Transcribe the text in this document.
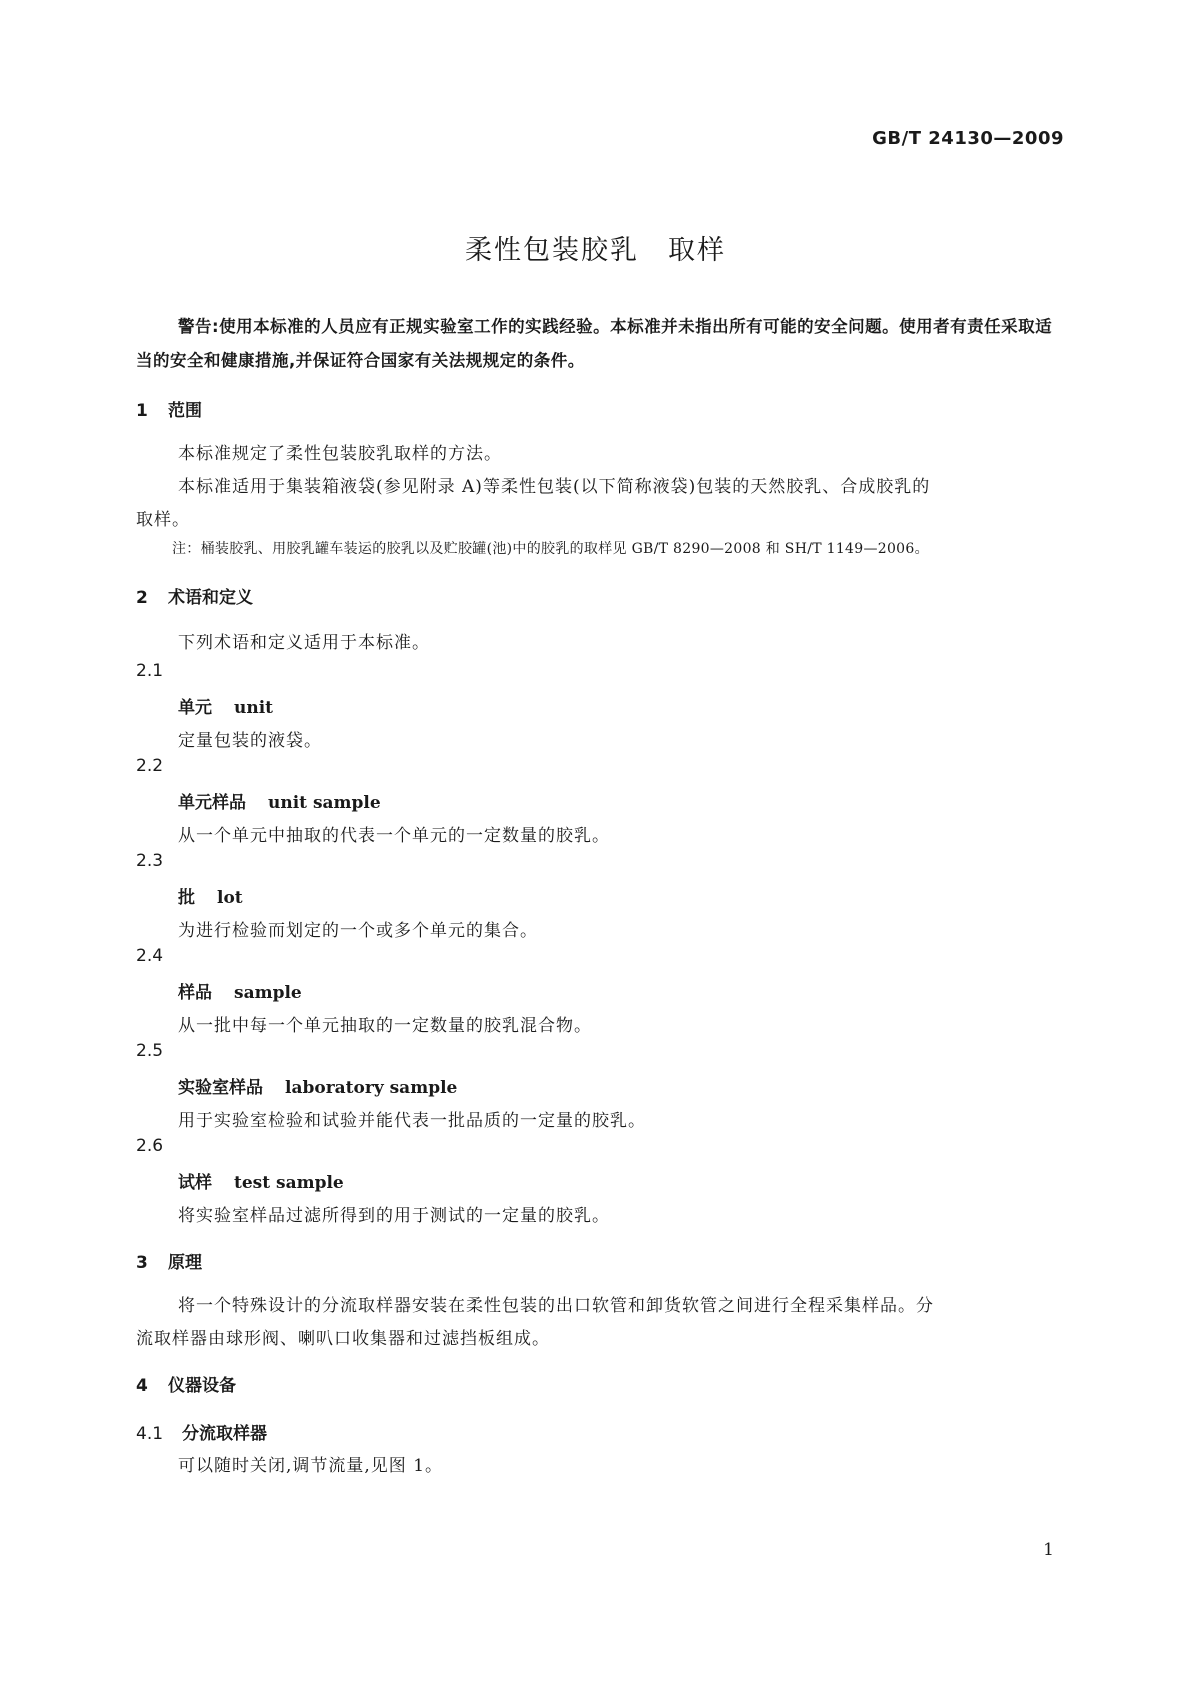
GB/T 24130—2009
柔性包装胶乳　取样
警告:使用本标准的人员应有正规实验室工作的实践经验。本标准并未指出所有可能的安全问题。使用者有责任采取适当的安全和健康措施,并保证符合国家有关法规规定的条件。
1 范围
本标准规定了柔性包装胶乳取样的方法。
本标准适用于集装箱液袋(参见附录 A)等柔性包装(以下简称液袋)包装的天然胶乳、合成胶乳的
取样。
注：桶装胶乳、用胶乳罐车装运的胶乳以及贮胶罐(池)中的胶乳的取样见 GB/T 8290—2008 和 SH/T 1149—2006。
2 术语和定义
下列术语和定义适用于本标准。
2.1
单元 unit
定量包装的液袋。
2.2
单元样品 unit sample
从一个单元中抽取的代表一个单元的一定数量的胶乳。
2.3
批 lot
为进行检验而划定的一个或多个单元的集合。
2.4
样品 sample
从一批中每一个单元抽取的一定数量的胶乳混合物。
2.5
实验室样品 laboratory sample
用于实验室检验和试验并能代表一批品质的一定量的胶乳。
2.6
试样 test sample
将实验室样品过滤所得到的用于测试的一定量的胶乳。
3 原理
将一个特殊设计的分流取样器安装在柔性包装的出口软管和卸货软管之间进行全程采集样品。分
流取样器由球形阀、喇叭口收集器和过滤挡板组成。
4 仪器设备
4.1 分流取样器
可以随时关闭,调节流量,见图 1。
1
